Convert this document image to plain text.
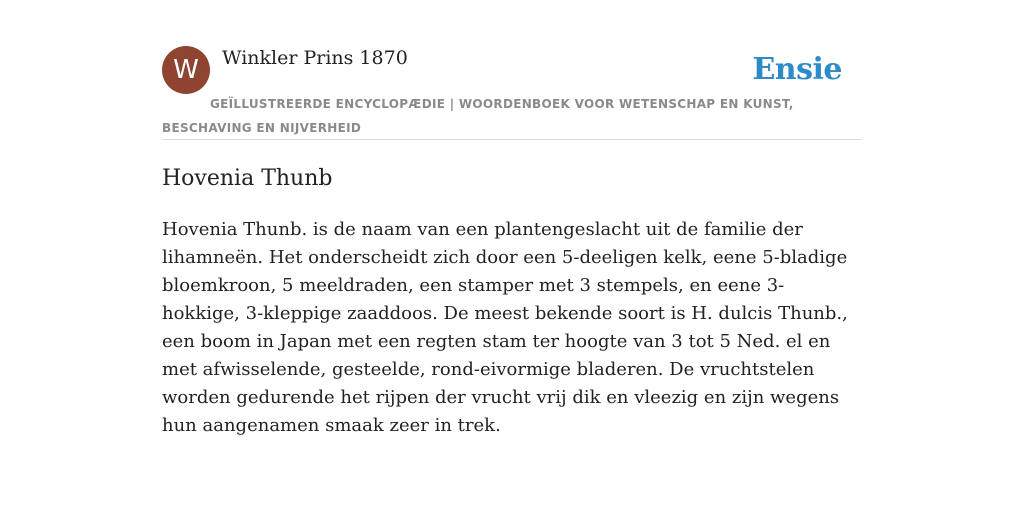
W	Winkler Prins 1870	Ensie
GEÏLLUSTREERDE ENCYCLOPÆDIE | WOORDENBOEK VOOR WETENSCHAP EN KUNST, BESCHAVING EN NIJVERHEID
Hovenia Thunb

Hovenia Thunb. is de naam van een plantengeslacht uit de familie der lihamneën. Het onderscheidt zich door een 5-deeligen kelk, eene 5-bladige bloemkroon, 5 meeldraden, een stamper met 3 stempels, en eene 3-hokkige, 3-kleppige zaaddoos. De meest bekende soort is H. dulcis Thunb., een boom in Japan met een regten stam ter hoogte van 3 tot 5 Ned. el en met afwisselende, gesteelde, rond-eivormige bladeren. De vruchtstelen worden gedurende het rijpen der vrucht vrij dik en vleezig en zijn wegens hun aangenamen smaak zeer in trek.
